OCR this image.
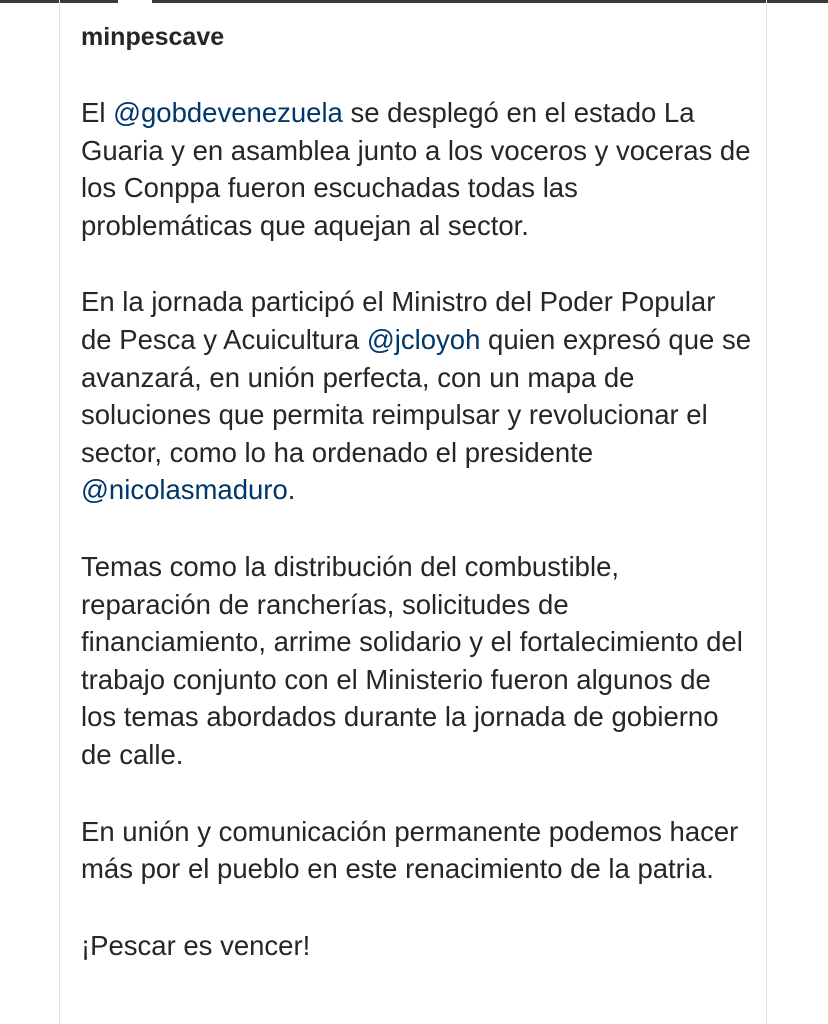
minpescave

El @gobdevenezuela se desplegó en el estado La Guaria y en asamblea junto a los voceros y voceras de los Conppa fueron escuchadas todas las problemáticas que aquejan al sector.

En la jornada participó el Ministro del Poder Popular de Pesca y Acuicultura @jcloyoh quien expresó que se avanzará, en unión perfecta, con un mapa de soluciones que permita reimpulsar y revolucionar el sector, como lo ha ordenado el presidente @nicolasmaduro.

Temas como la distribución del combustible, reparación de rancherías, solicitudes de financiamiento, arrime solidario y el fortalecimiento del trabajo conjunto con el Ministerio fueron algunos de los temas abordados durante la jornada de gobierno de calle.

En unión y comunicación permanente podemos hacer más por el pueblo en este renacimiento de la patria.

¡Pescar es vencer!
